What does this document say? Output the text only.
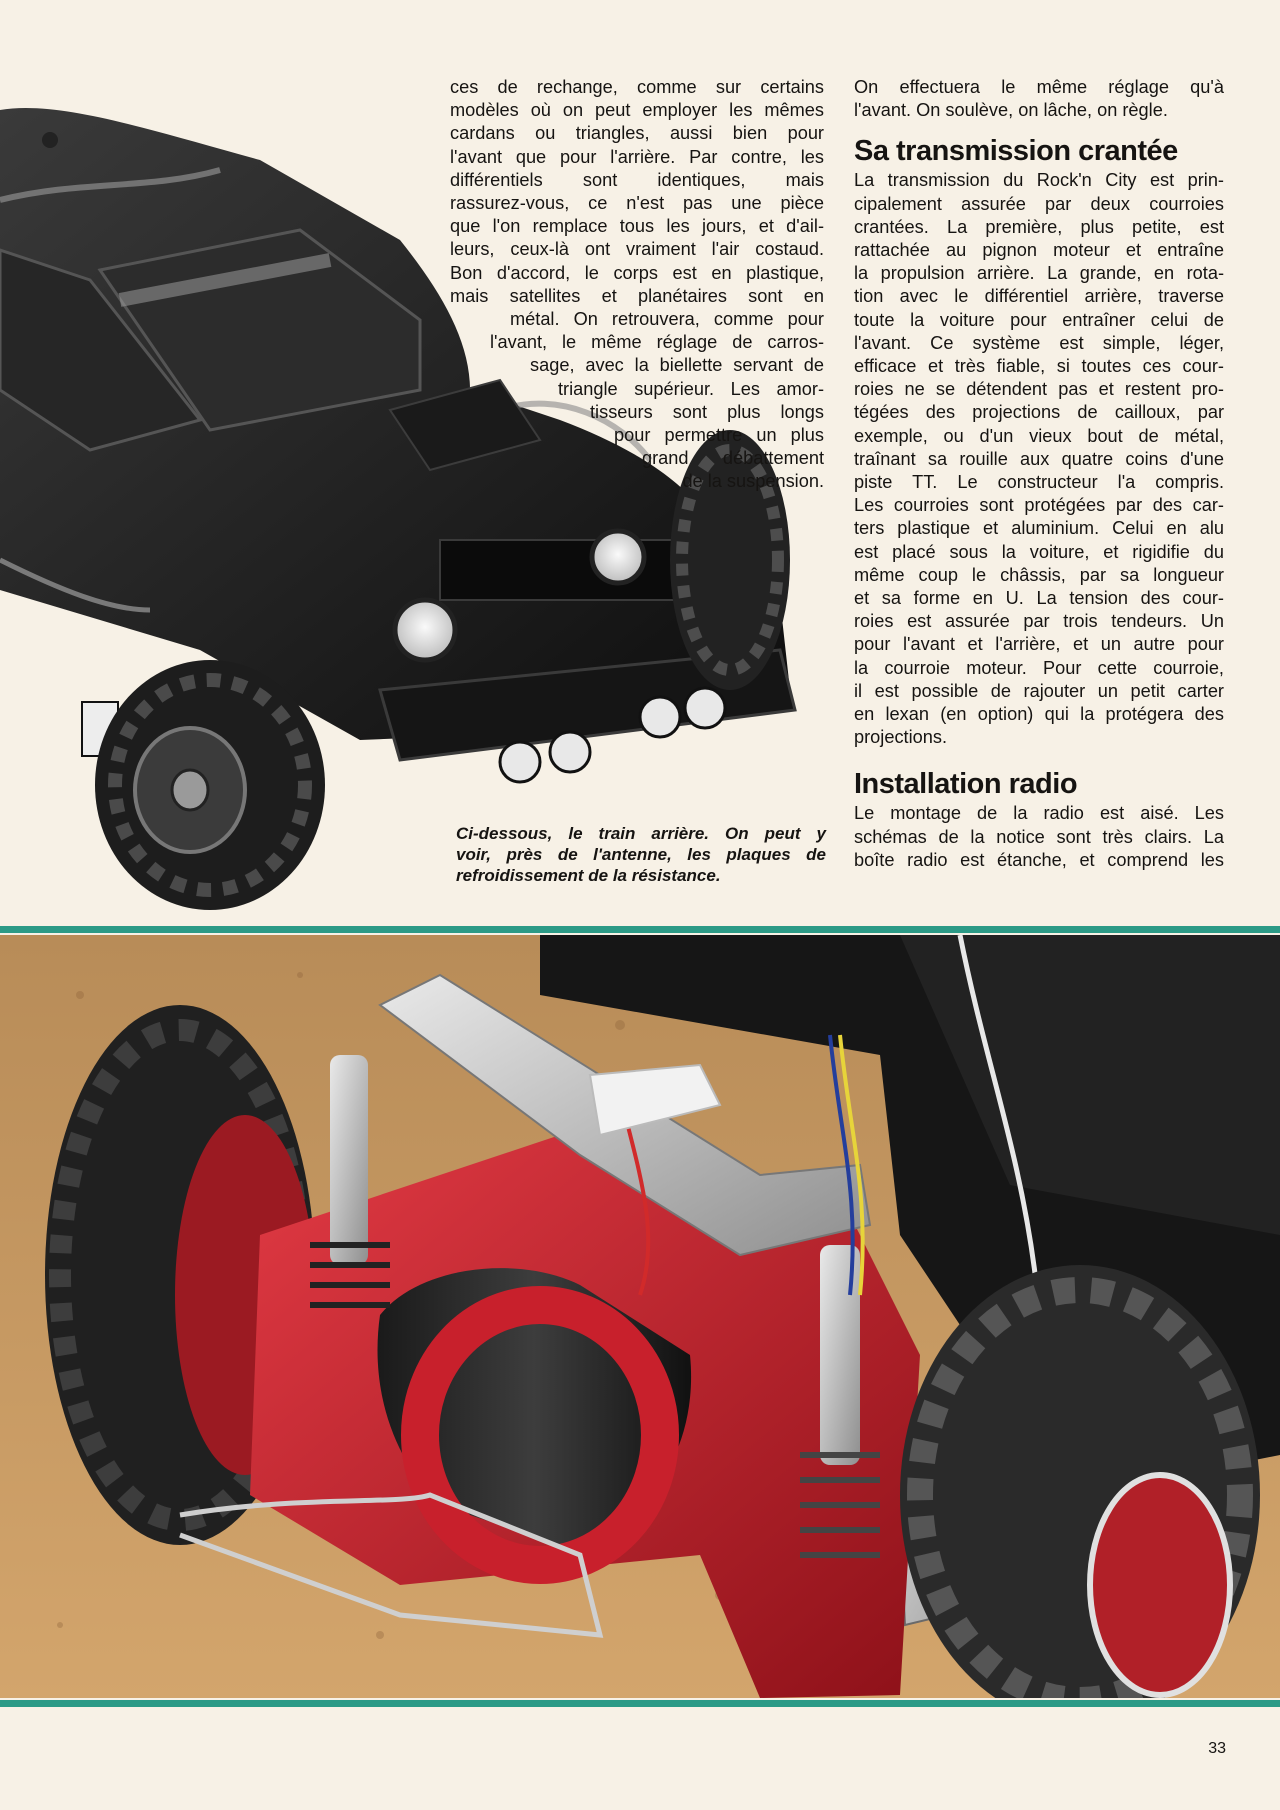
ces de rechange, comme sur certains
modèles où on peut employer les mêmes
cardans ou triangles, aussi bien pour
l'avant que pour l'arrière. Par contre, les
différentiels sont identiques, mais
rassurez-vous, ce n'est pas une pièce
que l'on remplace tous les jours, et d'ail-
leurs, ceux-là ont vraiment l'air costaud.
Bon d'accord, le corps est en plastique,
mais satellites et planétaires sont en
métal. On retrouvera, comme pour
l'avant, le même réglage de carros-
sage, avec la biellette servant de
triangle supérieur. Les amor-
tisseurs sont plus longs
pour permettre un plus
grand débattement
de la suspension.
Ci-dessous, le train arrière. On peut y
voir, près de l'antenne, les plaques de
refroidissement de la résistance.
On effectuera le même réglage qu'à
l'avant. On soulève, on lâche, on règle.
Sa transmission crantée
La transmission du Rock'n City est prin-
cipalement assurée par deux courroies
crantées. La première, plus petite, est
rattachée au pignon moteur et entraîne
la propulsion arrière. La grande, en rota-
tion avec le différentiel arrière, traverse
toute la voiture pour entraîner celui de
l'avant. Ce système est simple, léger,
efficace et très fiable, si toutes ces cour-
roies ne se détendent pas et restent pro-
tégées des projections de cailloux, par
exemple, ou d'un vieux bout de métal,
traînant sa rouille aux quatre coins d'une
piste TT. Le constructeur l'a compris.
Les courroies sont protégées par des car-
ters plastique et aluminium. Celui en alu
est placé sous la voiture, et rigidifie du
même coup le châssis, par sa longueur
et sa forme en U. La tension des cour-
roies est assurée par trois tendeurs. Un
pour l'avant et l'arrière, et un autre pour
la courroie moteur. Pour cette courroie,
il est possible de rajouter un petit carter
en lexan (en option) qui la protégera des
projections.
Installation radio
Le montage de la radio est aisé. Les
schémas de la notice sont très clairs. La
boîte radio est étanche, et comprend les
33
